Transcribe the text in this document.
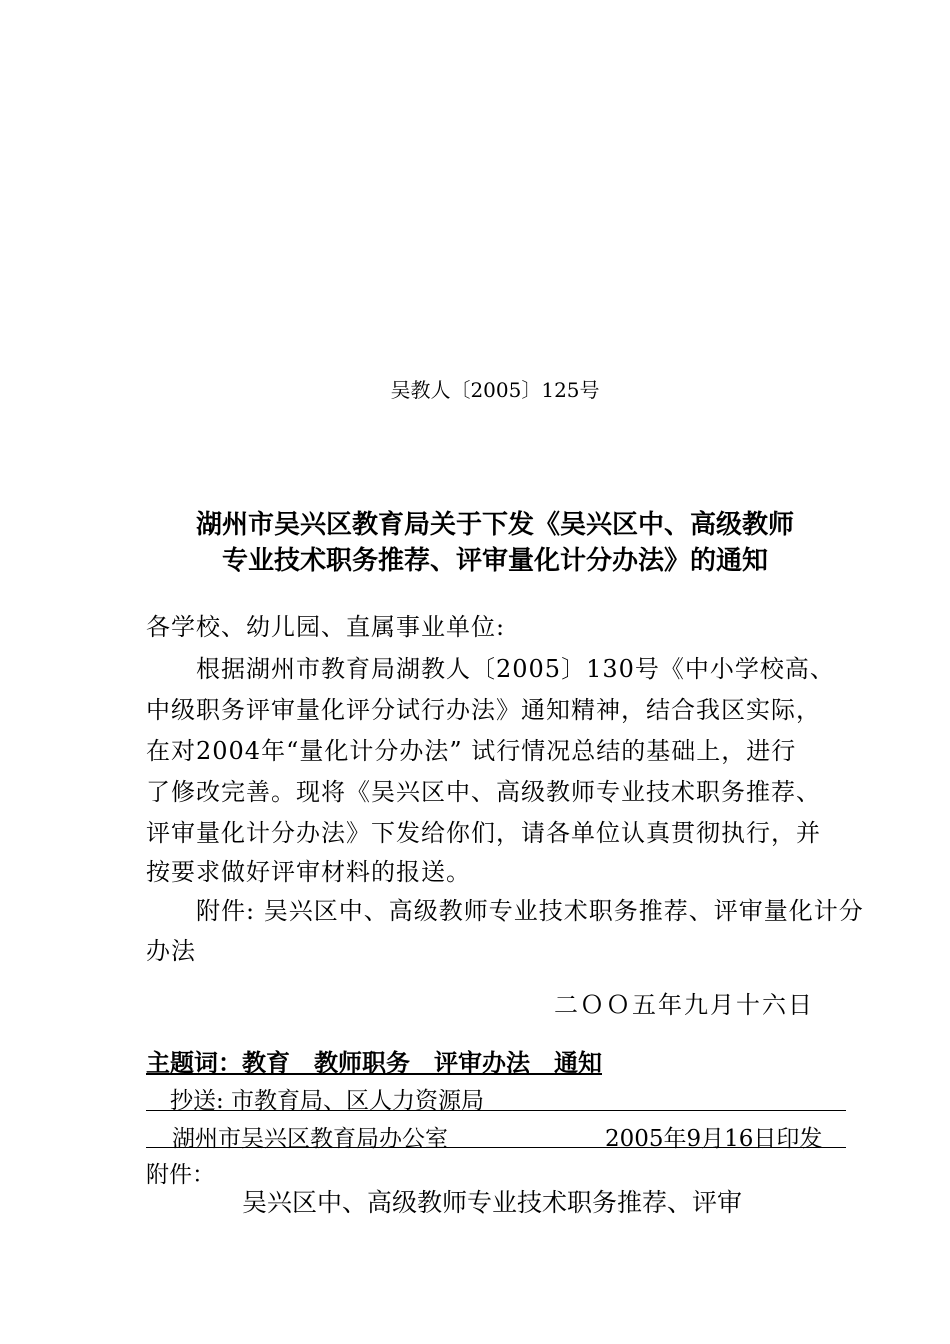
吴教人〔2005〕125号

湖州市吴兴区教育局关于下发《吴兴区中、高级教师

专业技术职务推荐、评审量化计分办法》的通知

各学校、幼儿园、直属事业单位:

根据湖州市教育局湖教人〔2005〕130号《中小学校高、

中级职务评审量化评分试行办法》通知精神，结合我区实际，

在对2004年“量化计分办法” 试行情况总结的基础上，进行

了修改完善。现将《吴兴区中、高级教师专业技术职务推荐、

评审量化计分办法》下发给你们，请各单位认真贯彻执行，并

按要求做好评审材料的报送。

附件: 吴兴区中、高级教师专业技术职务推荐、评审量化计分

办法

二ＯＯ五年九月十六日

主题词：教育　教师职务　评审办法　通知

抄送: 市教育局、区人力资源局

湖州市吴兴区教育局办公室	2005年9月16日印发

附件：

吴兴区中、高级教师专业技术职务推荐、评审
